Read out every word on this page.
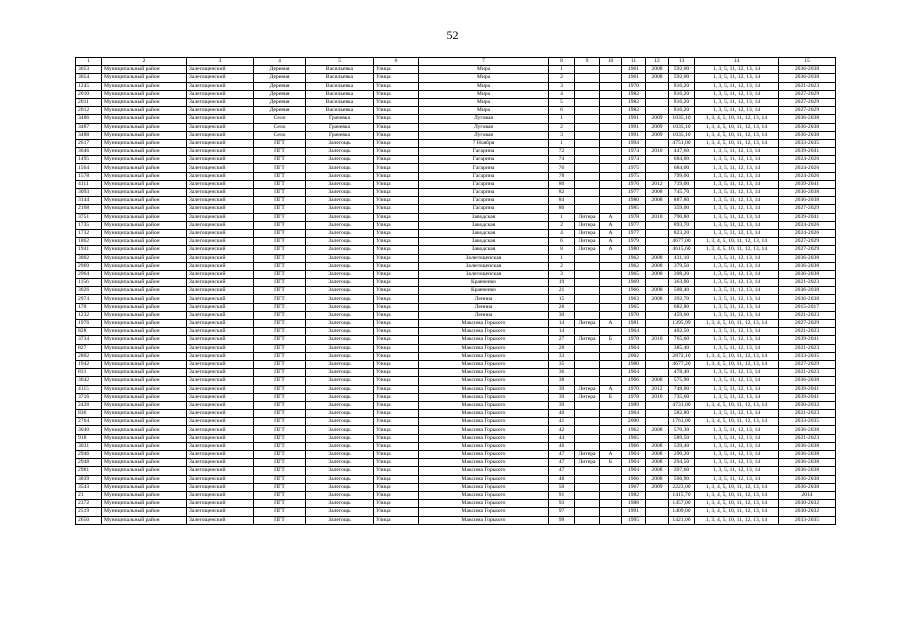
52
1	2	3	4	5	6	7	8	9	10	11	12	13	14	15
3053	Муниципальный район	Залегощенский	Деревня	Васильевка	Улица	Мира	1			1961	2008	592,00	1, 3, 5, 11, 12, 13, 14	2036-2038
3054	Муниципальный район	Залегощенский	Деревня	Васильевка	Улица	Мира	2			1961	2008	592,00	1, 3, 5, 11, 12, 13, 14	2036-2038
1245	Муниципальный район	Залегощенский	Деревня	Васильевка	Улица	Мира	3			1970		816,20	1, 3, 5, 11, 12, 13, 14	2021-2023
2010	Муниципальный район	Залегощенский	Деревня	Васильевка	Улица	Мира	4			1982		816,20	1, 3, 5, 11, 12, 13, 14	2027-2029
2011	Муниципальный район	Залегощенский	Деревня	Васильевка	Улица	Мира	5			1982		816,20	1, 3, 5, 11, 12, 13, 14	2027-2029
2012	Муниципальный район	Залегощенский	Деревня	Васильевка	Улица	Мира	6			1982		816,20	1, 3, 5, 11, 12, 13, 14	2027-2029
3486	Муниципальный район	Залегощенский	Село	Грачевка	Улица	Луговая	1			1991	2009	1035,10	1, 3, 4, 5, 10, 11, 12, 13, 14	2036-2038
3487	Муниципальный район	Залегощенский	Село	Грачевка	Улица	Луговая	2			1991	2009	1035,10	1, 3, 4, 5, 10, 11, 12, 13, 14	2036-2038
3488	Муниципальный район	Залегощенский	Село	Грачевка	Улица	Луговая	3			1991	2009	1035,10	1, 3, 4, 5, 10, 11, 12, 13, 14	2036-2038
2617	Муниципальный район	Залегощенский	ПГТ	Залегощь	Улица	7 Ноября	1			1994		4751,00	1, 3, 4, 5, 10, 11, 12, 13, 14	2033-2035
3646	Муниципальный район	Залегощенский	ПГТ	Залегощь	Улица	Гагарина	72			1974	2010	447,60	1, 3, 5, 11, 12, 13, 14	2039-2041
1495	Муниципальный район	Залегощенский	ПГТ	Залегощь	Улица	Гагарина	74			1974		684,00	1, 3, 5, 11, 12, 13, 14	2024-2026
1564	Муниципальный район	Залегощенский	ПГТ	Залегощь	Улица	Гагарина	76			1975		684,00	1, 3, 5, 11, 12, 13, 14	2024-2026
1578	Муниципальный район	Залегощенский	ПГТ	Залегощь	Улица	Гагарина	78			1975		799,00	1, 3, 5, 11, 12, 13, 14	2024-2026
4111	Муниципальный район	Залегощенский	ПГТ	Залегощь	Улица	Гагарина	80			1976	2012	719,00	1, 3, 5, 11, 12, 13, 14	2039-2041
3093	Муниципальный район	Залегощенский	ПГТ	Залегощь	Улица	Гагарина	82			1977	2008	745,70	1, 3, 5, 11, 12, 13, 14	2036-2038
3144	Муниципальный район	Залегощенский	ПГТ	Залегощь	Улица	Гагарина	84			1980	2008	887,80	1, 3, 5, 11, 12, 13, 14	2036-2038
2168	Муниципальный район	Залегощенский	ПГТ	Залегощь	Улица	Гагарина	86			1985		359,00	1, 3, 5, 11, 12, 13, 14	2027-2029
3751	Муниципальный район	Залегощенский	ПГТ	Залегощь	Улица	Заводская	1	Литера	А	1978	2010	790,80	1, 3, 5, 11, 12, 13, 14	2039-2041
1735	Муниципальный район	Залегощенский	ПГТ	Залегощь	Улица	Заводская	2	Литера	А	1977		893,70	1, 3, 5, 11, 12, 13, 14	2024-2026
1732	Муниципальный район	Залегощенский	ПГТ	Залегощь	Улица	Заводская	4	Литера	А	1977		823,20	1, 3, 5, 11, 12, 13, 14	2024-2026
1862	Муниципальный район	Залегощенский	ПГТ	Залегощь	Улица	Заводская	6	Литера	А	1979		4677,00	1, 3, 4, 5, 10, 11, 12, 13, 14	2027-2029
1941	Муниципальный район	Залегощенский	ПГТ	Залегощь	Улица	Заводская	8	Литера	А	1980		4615,60	1, 3, 4, 5, 10, 11, 12, 13, 14	2027-2029
3002	Муниципальный район	Залегощенский	ПГТ	Залегощь	Улица	Залегощенская	1			1962	2008	431,10	1, 3, 5, 11, 12, 13, 14	2036-2038
2969	Муниципальный район	Залегощенский	ПГТ	Залегощь	Улица	Залегощенская	2			1962	2008	379,50	1, 3, 5, 11, 12, 13, 14	2036-2038
2964	Муниципальный район	Залегощенский	ПГТ	Залегощь	Улица	Залегощенская	3			1965	2008	398,20	1, 3, 5, 11, 12, 13, 14	2036-2038
1156	Муниципальный район	Залегощенский	ПГТ	Залегощь	Улица	Кравченко	19			1969		363,00	1, 3, 5, 11, 12, 13, 14	2021-2023
3026	Муниципальный район	Залегощенский	ПГТ	Залегощь	Улица	Кравченко	21			1966	2008	508,40	1, 3, 5, 11, 12, 13, 14	2036-2038
2974	Муниципальный район	Залегощенский	ПГТ	Залегощь	Улица	Ленина	15			1963	2008	392,70	1, 3, 5, 11, 12, 13, 14	2036-2038
170	Муниципальный район	Залегощенский	ПГТ	Залегощь	Улица	Ленина	28			1965		682,80	1, 3, 5, 11, 12, 13, 14	2015-2017
1232	Муниципальный район	Залегощенский	ПГТ	Залегощь	Улица	Ленина	30			1970		459,60	1, 3, 5, 11, 12, 13, 14	2021-2023
1976	Муниципальный район	Залегощенский	ПГТ	Залегощь	Улица	Максима Горького	14	Литера	А	1981		1395,99	1, 3, 4, 5, 10, 11, 12, 13, 14	2027-2029
828	Муниципальный район	Залегощенский	ПГТ	Залегощь	Улица	Максима Горького	14			1964		402,50	1, 3, 5, 11, 12, 13, 14	2021-2023
3734	Муниципальный район	Залегощенский	ПГТ	Залегощь	Улица	Максима Горького	27	Литера	Б	1978	2010	765,60	1, 3, 5, 11, 12, 13, 14	2039-2041
827	Муниципальный район	Залегощенский	ПГТ	Залегощь	Улица	Максима Горького	28			1964		385,40	1, 3, 5, 11, 12, 13, 14	2021-2023
2802	Муниципальный район	Залегощенский	ПГТ	Залегощь	Улица	Максима Горького	33			2002		2872,10	1, 3, 4, 5, 10, 11, 12, 13, 14	2033-2035
1942	Муниципальный район	Залегощенский	ПГТ	Залегощь	Улица	Максима Горького	35			1980		4677,20	1, 3, 4, 5, 10, 11, 12, 13, 14	2027-2029
831	Муниципальный район	Залегощенский	ПГТ	Залегощь	Улица	Максима Горького	36			1964		478,40	1, 3, 5, 11, 12, 13, 14	2021-2023
3042	Муниципальный район	Залегощенский	ПГТ	Залегощь	Улица	Максима Горького	38			1966	2008	575,90	1, 3, 5, 11, 12, 13, 14	2036-2038
4115	Муниципальный район	Залегощенский	ПГТ	Залегощь	Улица	Максима Горького	39	Литера	А	1970	2012	748,00	1, 3, 5, 11, 12, 13, 14	2039-2041
3716	Муниципальный район	Залегощенский	ПГТ	Залегощь	Улица	Максима Горького	39	Литера	Б	1978	2010	735,60	1, 3, 5, 11, 12, 13, 14	2039-2041
2428	Муниципальный район	Залегощенский	ПГТ	Залегощь	Улица	Максима Горького	39			1989		4731,00	1, 3, 4, 5, 10, 11, 12, 13, 14	2030-2032
836	Муниципальный район	Залегощенский	ПГТ	Залегощь	Улица	Максима Горького	40			1964		582,80	1, 3, 5, 11, 12, 13, 14	2021-2023
2764	Муниципальный район	Залегощенский	ПГТ	Залегощь	Улица	Максима Горького	41			2000		1761,00	1, 3, 4, 5, 10, 11, 12, 13, 14	2033-2035
3040	Муниципальный район	Залегощенский	ПГТ	Залегощь	Улица	Максима Горького	42			1962	2008	570,30	1, 3, 5, 11, 12, 13, 14	2036-2038
918	Муниципальный район	Залегощенский	ПГТ	Залегощь	Улица	Максима Горького	44			1965		589,50	1, 3, 5, 11, 12, 13, 14	2021-2023
3031	Муниципальный район	Залегощенский	ПГТ	Залегощь	Улица	Максима Горького	46			1966	2008	539,40	1, 3, 5, 11, 12, 13, 14	2036-2038
2946	Муниципальный район	Залегощенский	ПГТ	Залегощь	Улица	Максима Горького	47	Литера	А	1964	2008	290,20	1, 3, 5, 11, 12, 13, 14	2036-2038
2948	Муниципальный район	Залегощенский	ПГТ	Залегощь	Улица	Максима Горького	47	Литера	Б	1964	2008	294,50	1, 3, 5, 11, 12, 13, 14	2036-2038
2981	Муниципальный район	Залегощенский	ПГТ	Залегощь	Улица	Максима Горького	47			1964	2008	397,60	1, 3, 5, 11, 12, 13, 14	2036-2038
3039	Муниципальный район	Залегощенский	ПГТ	Залегощь	Улица	Максима Горького	48			1966	2008	566,90	1, 3, 5, 11, 12, 13, 14	2036-2038
3543	Муниципальный район	Залегощенский	ПГТ	Залегощь	Улица	Максима Горького	50			1967	2009	2223,00	1, 3, 4, 5, 10, 11, 12, 13, 14	2036-2038
21	Муниципальный район	Залегощенский	ПГТ	Залегощь	Улица	Максима Горького	91			1982		1415,70	1, 3, 4, 5, 10, 11, 12, 13, 14	2014
2372	Муниципальный район	Залегощенский	ПГТ	Залегощь	Улица	Максима Горького	93			1988		1457,00	1, 3, 4, 5, 10, 11, 12, 13, 14	2030-2032
2519	Муниципальный район	Залегощенский	ПГТ	Залегощь	Улица	Максима Горького	97			1991		1409,00	1, 3, 4, 5, 10, 11, 12, 13, 14	2030-2032
2650	Муниципальный район	Залегощенский	ПГТ	Залегощь	Улица	Максима Горького	99			1995		1421,00	1, 3, 4, 5, 10, 11, 12, 13, 14	2033-2035
